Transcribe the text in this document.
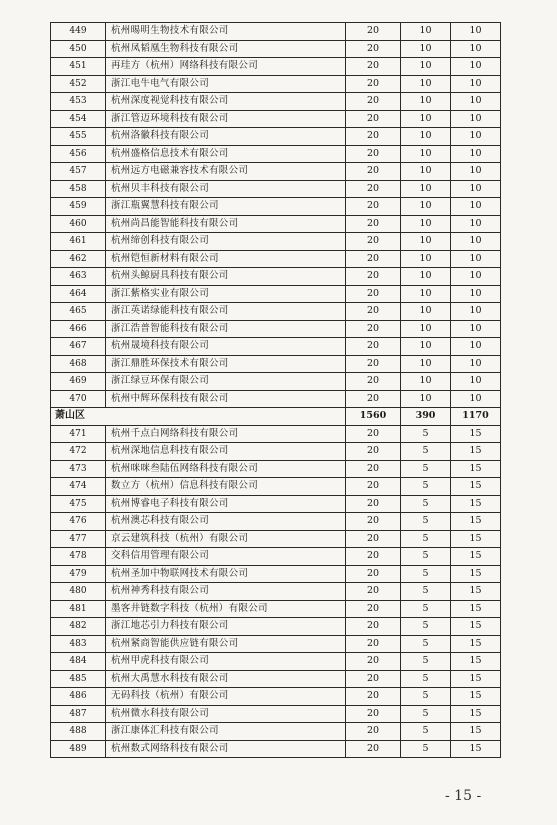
449	杭州晹明生物技术有限公司	20	10	10
450	杭州凤韬凰生物科技有限公司	20	10	10
451	再珪方（杭州）网络科技有限公司	20	10	10
452	浙江电牛电气有限公司	20	10	10
453	杭州深度视觉科技有限公司	20	10	10
454	浙江管迈环境科技有限公司	20	10	10
455	杭州洛徽科技有限公司	20	10	10
456	杭州盛格信息技术有限公司	20	10	10
457	杭州远方电磁兼容技术有限公司	20	10	10
458	杭州贝丰科技有限公司	20	10	10
459	浙江瓶翼慧科技有限公司	20	10	10
460	杭州尚昌能智能科技有限公司	20	10	10
461	杭州缔创科技有限公司	20	10	10
462	杭州铠恒新材料有限公司	20	10	10
463	杭州头鲸厨具科技有限公司	20	10	10
464	浙江紫格实业有限公司	20	10	10
465	浙江英诺绿能科技有限公司	20	10	10
466	浙江浩普智能科技有限公司	20	10	10
467	杭州晟境科技有限公司	20	10	10
468	浙江鼎胜环保技术有限公司	20	10	10
469	浙江绿豆环保有限公司	20	10	10
470	杭州中辉环保科技有限公司	20	10	10
萧山区		1560	390	1170
471	杭州千点白网络科技有限公司	20	5	15
472	杭州深地信息科技有限公司	20	5	15
473	杭州咪咪叁陆伍网络科技有限公司	20	5	15
474	数立方（杭州）信息科技有限公司	20	5	15
475	杭州博睿电子科技有限公司	20	5	15
476	杭州澳芯科技有限公司	20	5	15
477	京云建筑科技（杭州）有限公司	20	5	15
478	交科信用管理有限公司	20	5	15
479	杭州圣加中物联网技术有限公司	20	5	15
480	杭州神秀科技有限公司	20	5	15
481	墨客井链数字科技（杭州）有限公司	20	5	15
482	浙江地芯引力科技有限公司	20	5	15
483	杭州紧商智能供应链有限公司	20	5	15
484	杭州甲虎科技有限公司	20	5	15
485	杭州大禹慧水科技有限公司	20	5	15
486	无码科技（杭州）有限公司	20	5	15
487	杭州微水科技有限公司	20	5	15
488	浙江康体汇科技有限公司	20	5	15
489	杭州数式网络科技有限公司	20	5	15
- 15 -
